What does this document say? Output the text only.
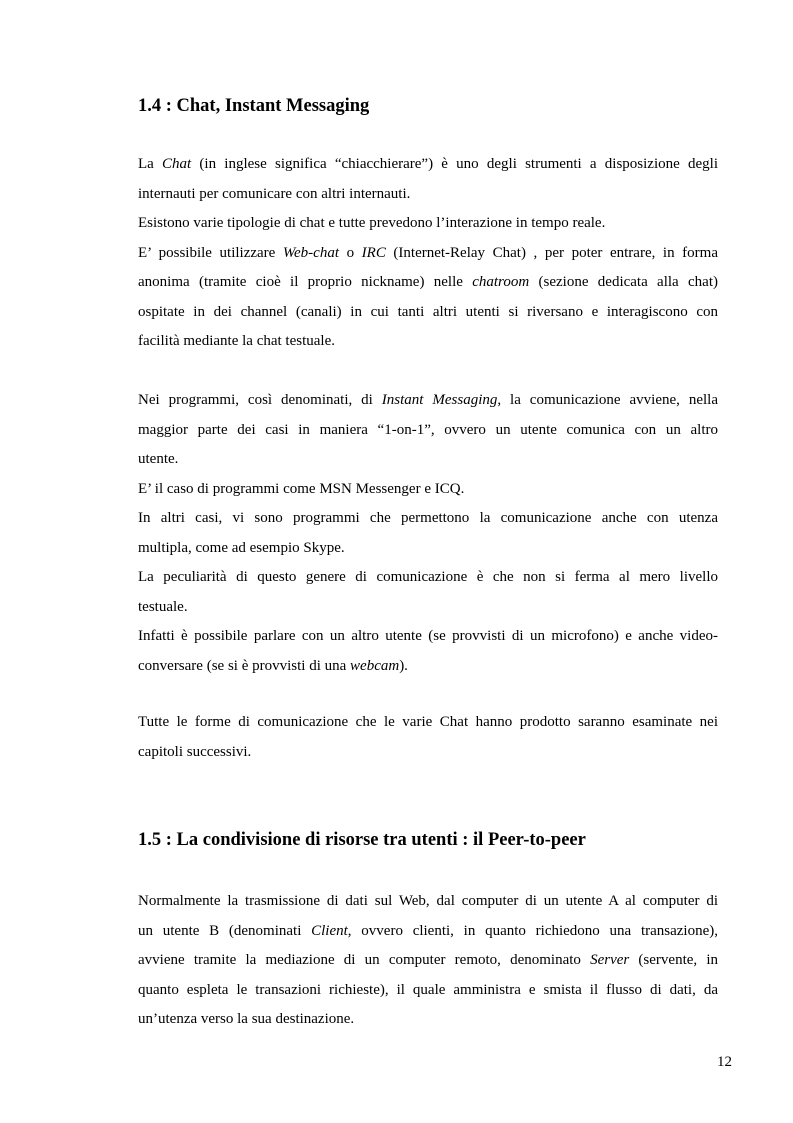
1.4 : Chat, Instant Messaging
La Chat (in inglese significa “chiacchierare”) è uno degli strumenti a disposizione degli
internauti per comunicare con altri internauti.
Esistono varie tipologie di chat e tutte prevedono l’interazione in tempo reale.
E’ possibile utilizzare Web-chat o IRC (Internet-Relay Chat) , per poter entrare, in forma
anonima (tramite cioè il proprio nickname) nelle chatroom (sezione dedicata alla chat)
ospitate in dei channel (canali) in cui tanti altri utenti si riversano e interagiscono con
facilità mediante la chat testuale.
Nei programmi, così denominati, di Instant Messaging, la comunicazione avviene, nella
maggior parte dei casi in maniera “1-on-1”, ovvero un utente comunica con un altro
utente.
E’ il caso di programmi come MSN Messenger e ICQ.
In altri casi, vi sono programmi che permettono la comunicazione anche con utenza
multipla, come ad esempio Skype.
La peculiarità di questo genere di comunicazione è che non si ferma al mero livello
testuale.
Infatti è possibile parlare con un altro utente (se provvisti di un microfono) e anche video-
conversare (se si è provvisti di una webcam).
Tutte le forme di comunicazione che le varie Chat hanno prodotto saranno esaminate nei
capitoli successivi.
1.5 : La condivisione di risorse tra utenti : il Peer-to-peer
Normalmente la trasmissione di dati sul Web, dal computer di un utente A al computer di
un utente B (denominati Client, ovvero clienti, in quanto richiedono una transazione),
avviene tramite la mediazione di un computer remoto, denominato Server (servente, in
quanto espleta le transazioni richieste), il quale amministra e smista il flusso di dati, da
un’utenza verso la sua destinazione.
12
